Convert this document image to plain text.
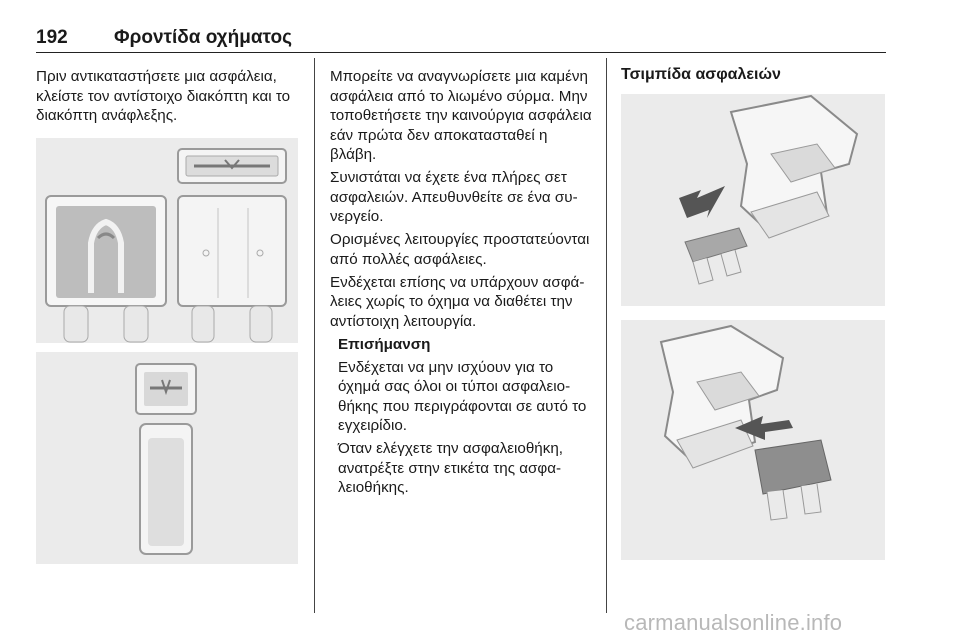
192 Φροντίδα οχήματος

Πριν αντικαταστήσετε μια ασφάλεια, κλείστε τον αντίστοιχο διακόπτη και το διακόπτη ανάφλεξης.

Μπορείτε να αναγνωρίσετε μια καμένη ασφάλεια από το λιωμένο σύρμα. Μην τοποθετήσετε την καινούργια ασφάλεια εάν πρώτα δεν αποκατασταθεί η βλάβη.

Συνιστάται να έχετε ένα πλήρες σετ ασφαλειών. Απευθυνθείτε σε ένα συνεργείο.

Ορισμένες λειτουργίες προστατεύονται από πολλές ασφάλειες.

Ενδέχεται επίσης να υπάρχουν ασφάλειες χωρίς το όχημα να διαθέτει την αντίστοιχη λειτουργία.

Επισήμανση

Ενδέχεται να μην ισχύουν για το όχημά σας όλοι οι τύποι ασφαλειοθήκης που περιγράφονται σε αυτό το εγχειρίδιο.

Όταν ελέγχετε την ασφαλειοθήκη, ανατρέξτε στην ετικέτα της ασφαλειοθήκης.

Τσιμπίδα ασφαλειών
carmanualsonline.info
